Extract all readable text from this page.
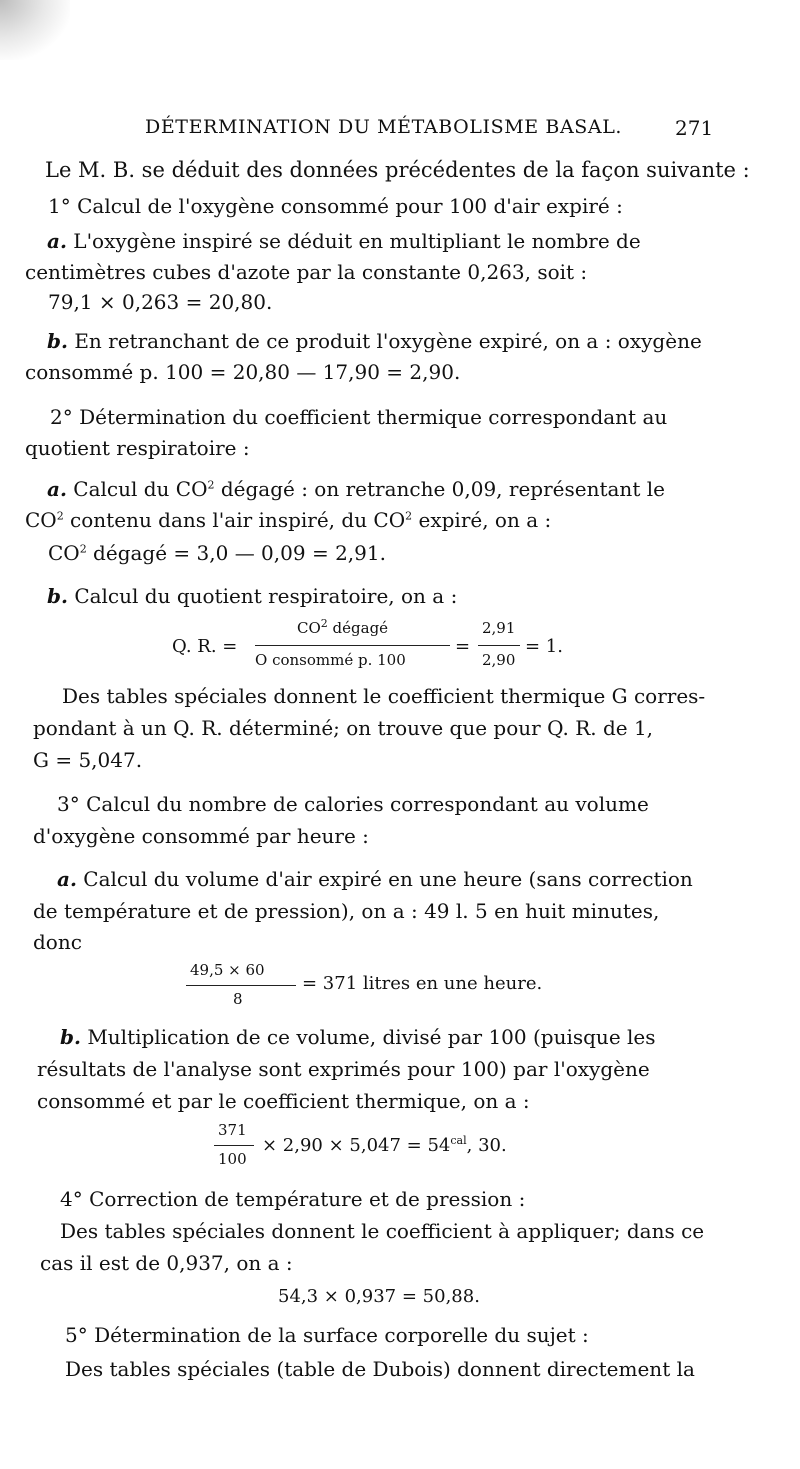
DÉTERMINATION DU MÉTABOLISME BASAL.	271
Le M. B. se déduit des données précédentes de la façon suivante :
1° Calcul de l'oxygène consommé pour 100 d'air expiré :
a. L'oxygène inspiré se déduit en multipliant le nombre de
centimètres cubes d'azote par la constante 0,263, soit :
79,1 × 0,263 = 20,80.
b. En retranchant de ce produit l'oxygène expiré, on a : oxygène
consommé p. 100 = 20,80 — 17,90 = 2,90.
2° Détermination du coefficient thermique correspondant au
quotient respiratoire :
a. Calcul du $CO^2$ dégagé : on retranche 0,09, représentant le
$CO^2$ contenu dans l'air inspiré, du $CO^2$ expiré, on a :
$CO^2$ dégagé = 3,0 — 0,09 = 2,91.
b. Calcul du quotient respiratoire, on a :
Q. R. =
$CO^2$ dégagé
O consommé p. 100
=
2,91
2,90
= 1.
Des tables spéciales donnent le coefficient thermique G corres-
pondant à un Q. R. déterminé; on trouve que pour Q. R. de 1,
G = 5,047.
3° Calcul du nombre de calories correspondant au volume
d'oxygène consommé par heure :
a. Calcul du volume d'air expiré en une heure (sans correction
de température et de pression), on a : 49 l. 5 en huit minutes,
donc
49,5 × 60
8
= 371 litres en une heure.
b. Multiplication de ce volume, divisé par 100 (puisque les
résultats de l'analyse sont exprimés pour 100) par l'oxygène
consommé et par le coefficient thermique, on a :
371
100
× $2,90 \times 5,047 = 54^{cal}$, 30.
4° Correction de température et de pression :
Des tables spéciales donnent le coefficient à appliquer; dans ce
cas il est de 0,937, on a :
54,3 × 0,937 = 50,88.
5° Détermination de la surface corporelle du sujet :
Des tables spéciales (table de Dubois) donnent directement la
